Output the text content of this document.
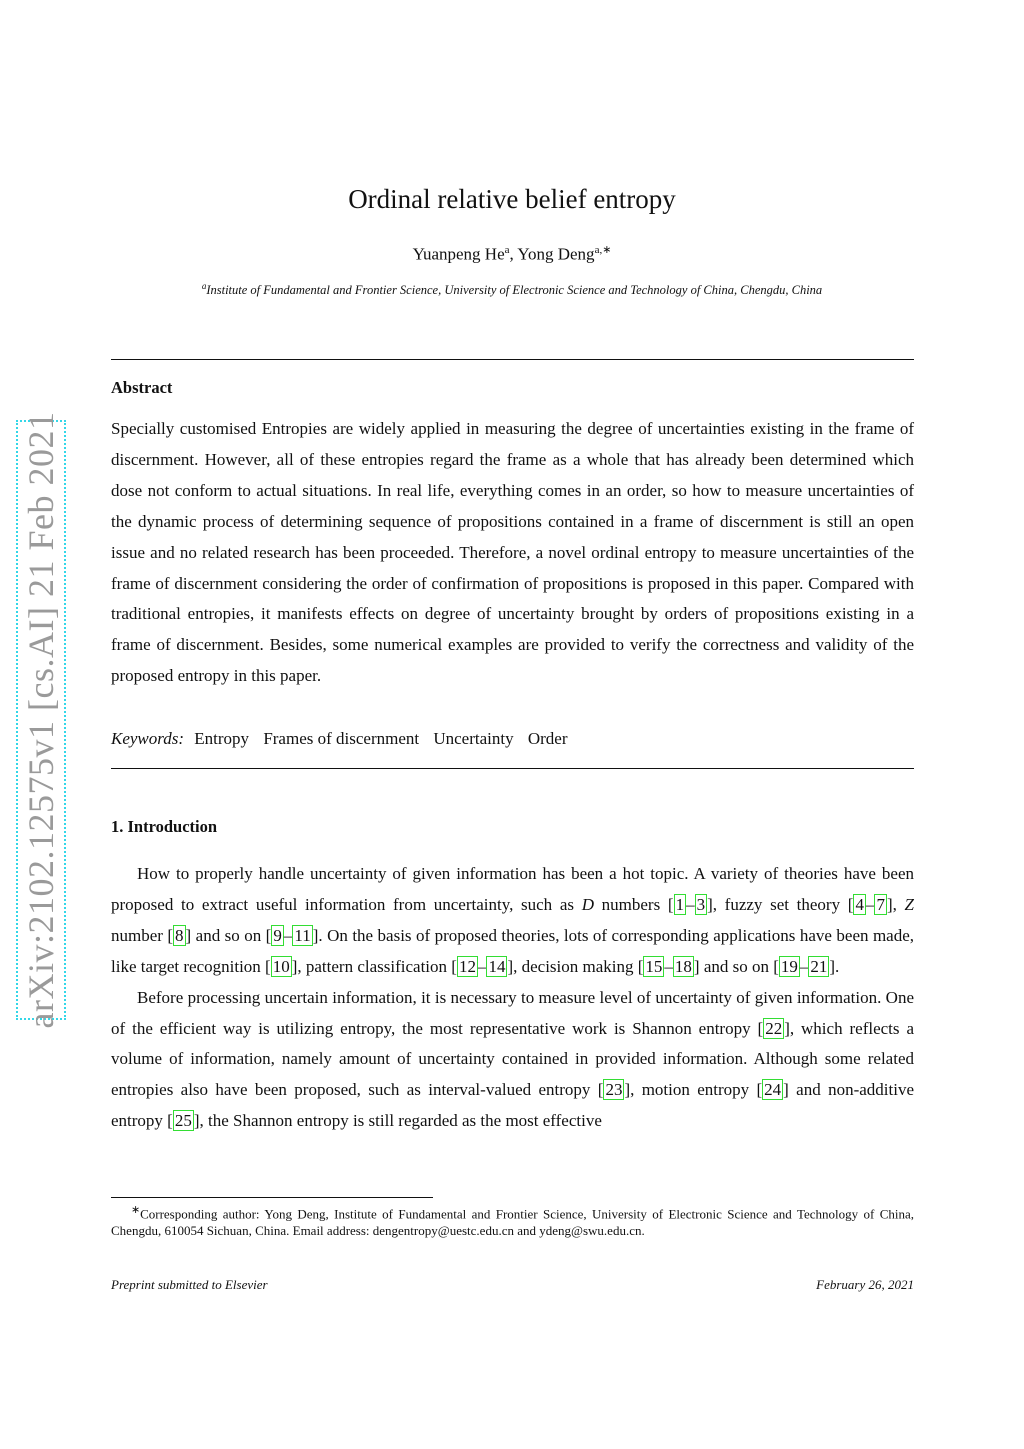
arXiv:2102.12575v1 [cs.AI] 21 Feb 2021
Ordinal relative belief entropy
Yuanpeng He$^a$, Yong Deng$^{a,∗}$
$^a$Institute of Fundamental and Frontier Science, University of Electronic Science and Technology of China, Chengdu, China
Abstract
Specially customised Entropies are widely applied in measuring the degree of uncertainties existing in the frame of discernment. However, all of these entropies regard the frame as a whole that has already been determined which dose not conform to actual situations. In real life, everything comes in an order, so how to measure uncertainties of the dynamic process of determining sequence of propositions contained in a frame of discernment is still an open issue and no related research has been proceeded. Therefore, a novel ordinal entropy to measure uncertainties of the frame of discernment considering the order of confirmation of propositions is proposed in this paper. Compared with traditional entropies, it manifests effects on degree of uncertainty brought by orders of propositions existing in a frame of discernment. Besides, some numerical examples are provided to verify the correctness and validity of the proposed entropy in this paper.
Keywords: Entropy Frames of discernment Uncertainty Order
1. Introduction

How to properly handle uncertainty of given information has been a hot topic. A variety of theories have been proposed to extract useful information from uncertainty, such as D numbers [ 1 – 3 ], fuzzy set theory [ 4 – 7 ], Z number [ 8 ] and so on [ 9 – 11 ]. On the basis of proposed theories, lots of corresponding applications have been made, like target recognition [ 10 ], pattern classification [ 12 – 14 ], decision making [ 15 – 18 ] and so on [ 19 – 21 ].

Before processing uncertain information, it is necessary to measure level of uncertainty of given information. One of the efficient way is utilizing entropy, the most representative work is Shannon entropy [ 22 ], which reflects a volume of information, namely amount of uncertainty contained in provided information. Although some related entropies also have been proposed, such as interval-valued entropy [ 23 ], motion entropy [ 24 ] and non-additive entropy [ 25 ], the Shannon entropy is still regarded as the most effective

∗Corresponding author: Yong Deng, Institute of Fundamental and Frontier Science, University of Electronic Science and Technology of China, Chengdu, 610054 Sichuan, China. Email address: dengentropy@uestc.edu.cn and ydeng@swu.edu.cn.
Preprint submitted to Elsevier	February 26, 2021
